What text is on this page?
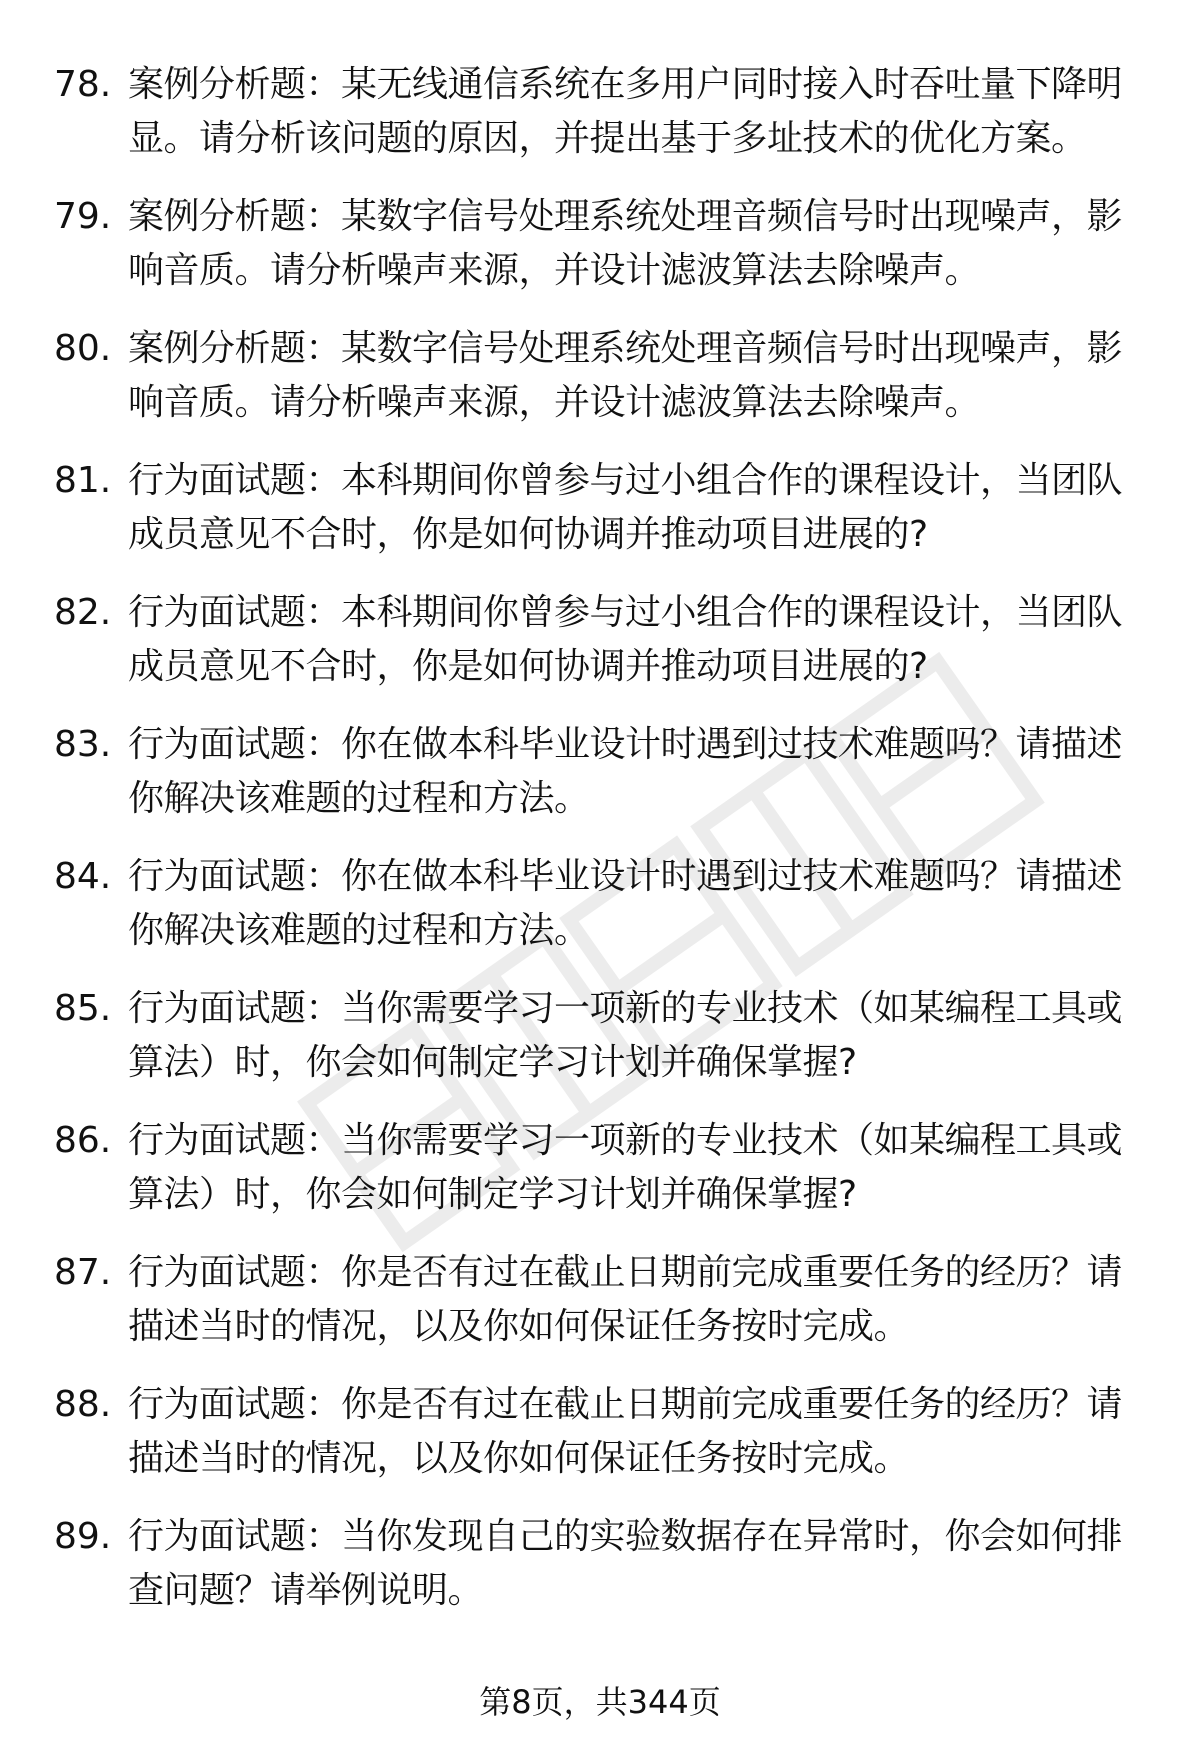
78. 案例分析题：某无线通信系统在多用户同时接入时吞吐量下降明显。请分析该问题的原因，并提出基于多址技术的优化方案。
79. 案例分析题：某数字信号处理系统处理音频信号时出现噪声，影响音质。请分析噪声来源，并设计滤波算法去除噪声。
80. 案例分析题：某数字信号处理系统处理音频信号时出现噪声，影响音质。请分析噪声来源，并设计滤波算法去除噪声。
81. 行为面试题：本科期间你曾参与过小组合作的课程设计，当团队成员意见不合时，你是如何协调并推动项目进展的?
82. 行为面试题：本科期间你曾参与过小组合作的课程设计，当团队成员意见不合时，你是如何协调并推动项目进展的?
83. 行为面试题：你在做本科毕业设计时遇到过技术难题吗？请描述你解决该难题的过程和方法。
84. 行为面试题：你在做本科毕业设计时遇到过技术难题吗？请描述你解决该难题的过程和方法。
85. 行为面试题：当你需要学习一项新的专业技术（如某编程工具或算法）时，你会如何制定学习计划并确保掌握?
86. 行为面试题：当你需要学习一项新的专业技术（如某编程工具或算法）时，你会如何制定学习计划并确保掌握?
87. 行为面试题：你是否有过在截止日期前完成重要任务的经历？请描述当时的情况，以及你如何保证任务按时完成。
88. 行为面试题：你是否有过在截止日期前完成重要任务的经历？请描述当时的情况，以及你如何保证任务按时完成。
89. 行为面试题：当你发现自己的实验数据存在异常时，你会如何排查问题？请举例说明。
第8页，共344页
